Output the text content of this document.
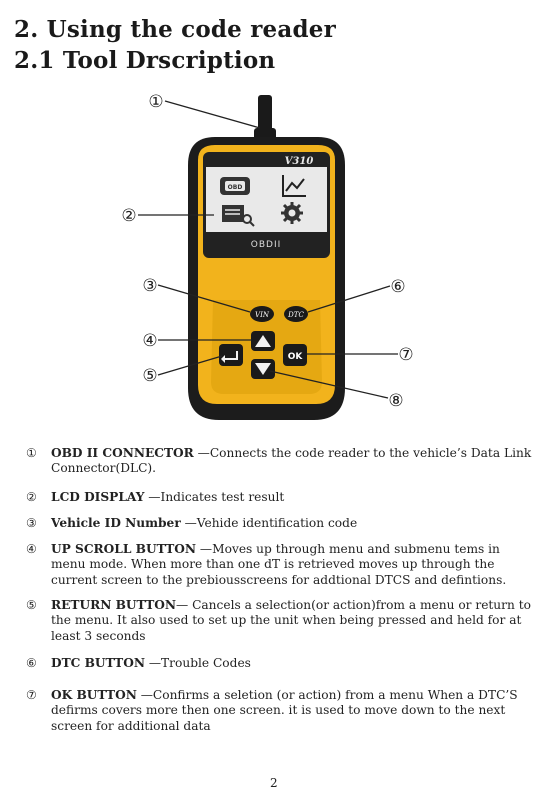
2. Using the code reader
2.1 Tool Drscription
V310
OBDII
OBD
VIN	DTC
OK
①
②
③	⑥
④
⑦
⑤
⑧
①	OBD II CONNECTOR —Connects the code reader to the vehicle’s Data Link Connector(DLC).
②	LCD DISPLAY —Indicates test result
③	Vehicle ID Number —Vehide identification code
④	UP SCROLL BUTTON —Moves up through menu and submenu tems in menu mode. When more than one dT is retrieved moves up through the current screen to the prebiousscreens for addtional DTCS and defintions.
⑤	RETURN BUTTON— Cancels a selection(or action)from a menu or return to the menu. It also used to set up the unit when being pressed and held for at least 3 seconds
⑥	DTC BUTTON —Trouble Codes
⑦	OK BUTTON —Confirms a seletion (or action) from a menu When a DTC’S defirms covers more then one screen. it is used to move down to the next screen for additional data
2
